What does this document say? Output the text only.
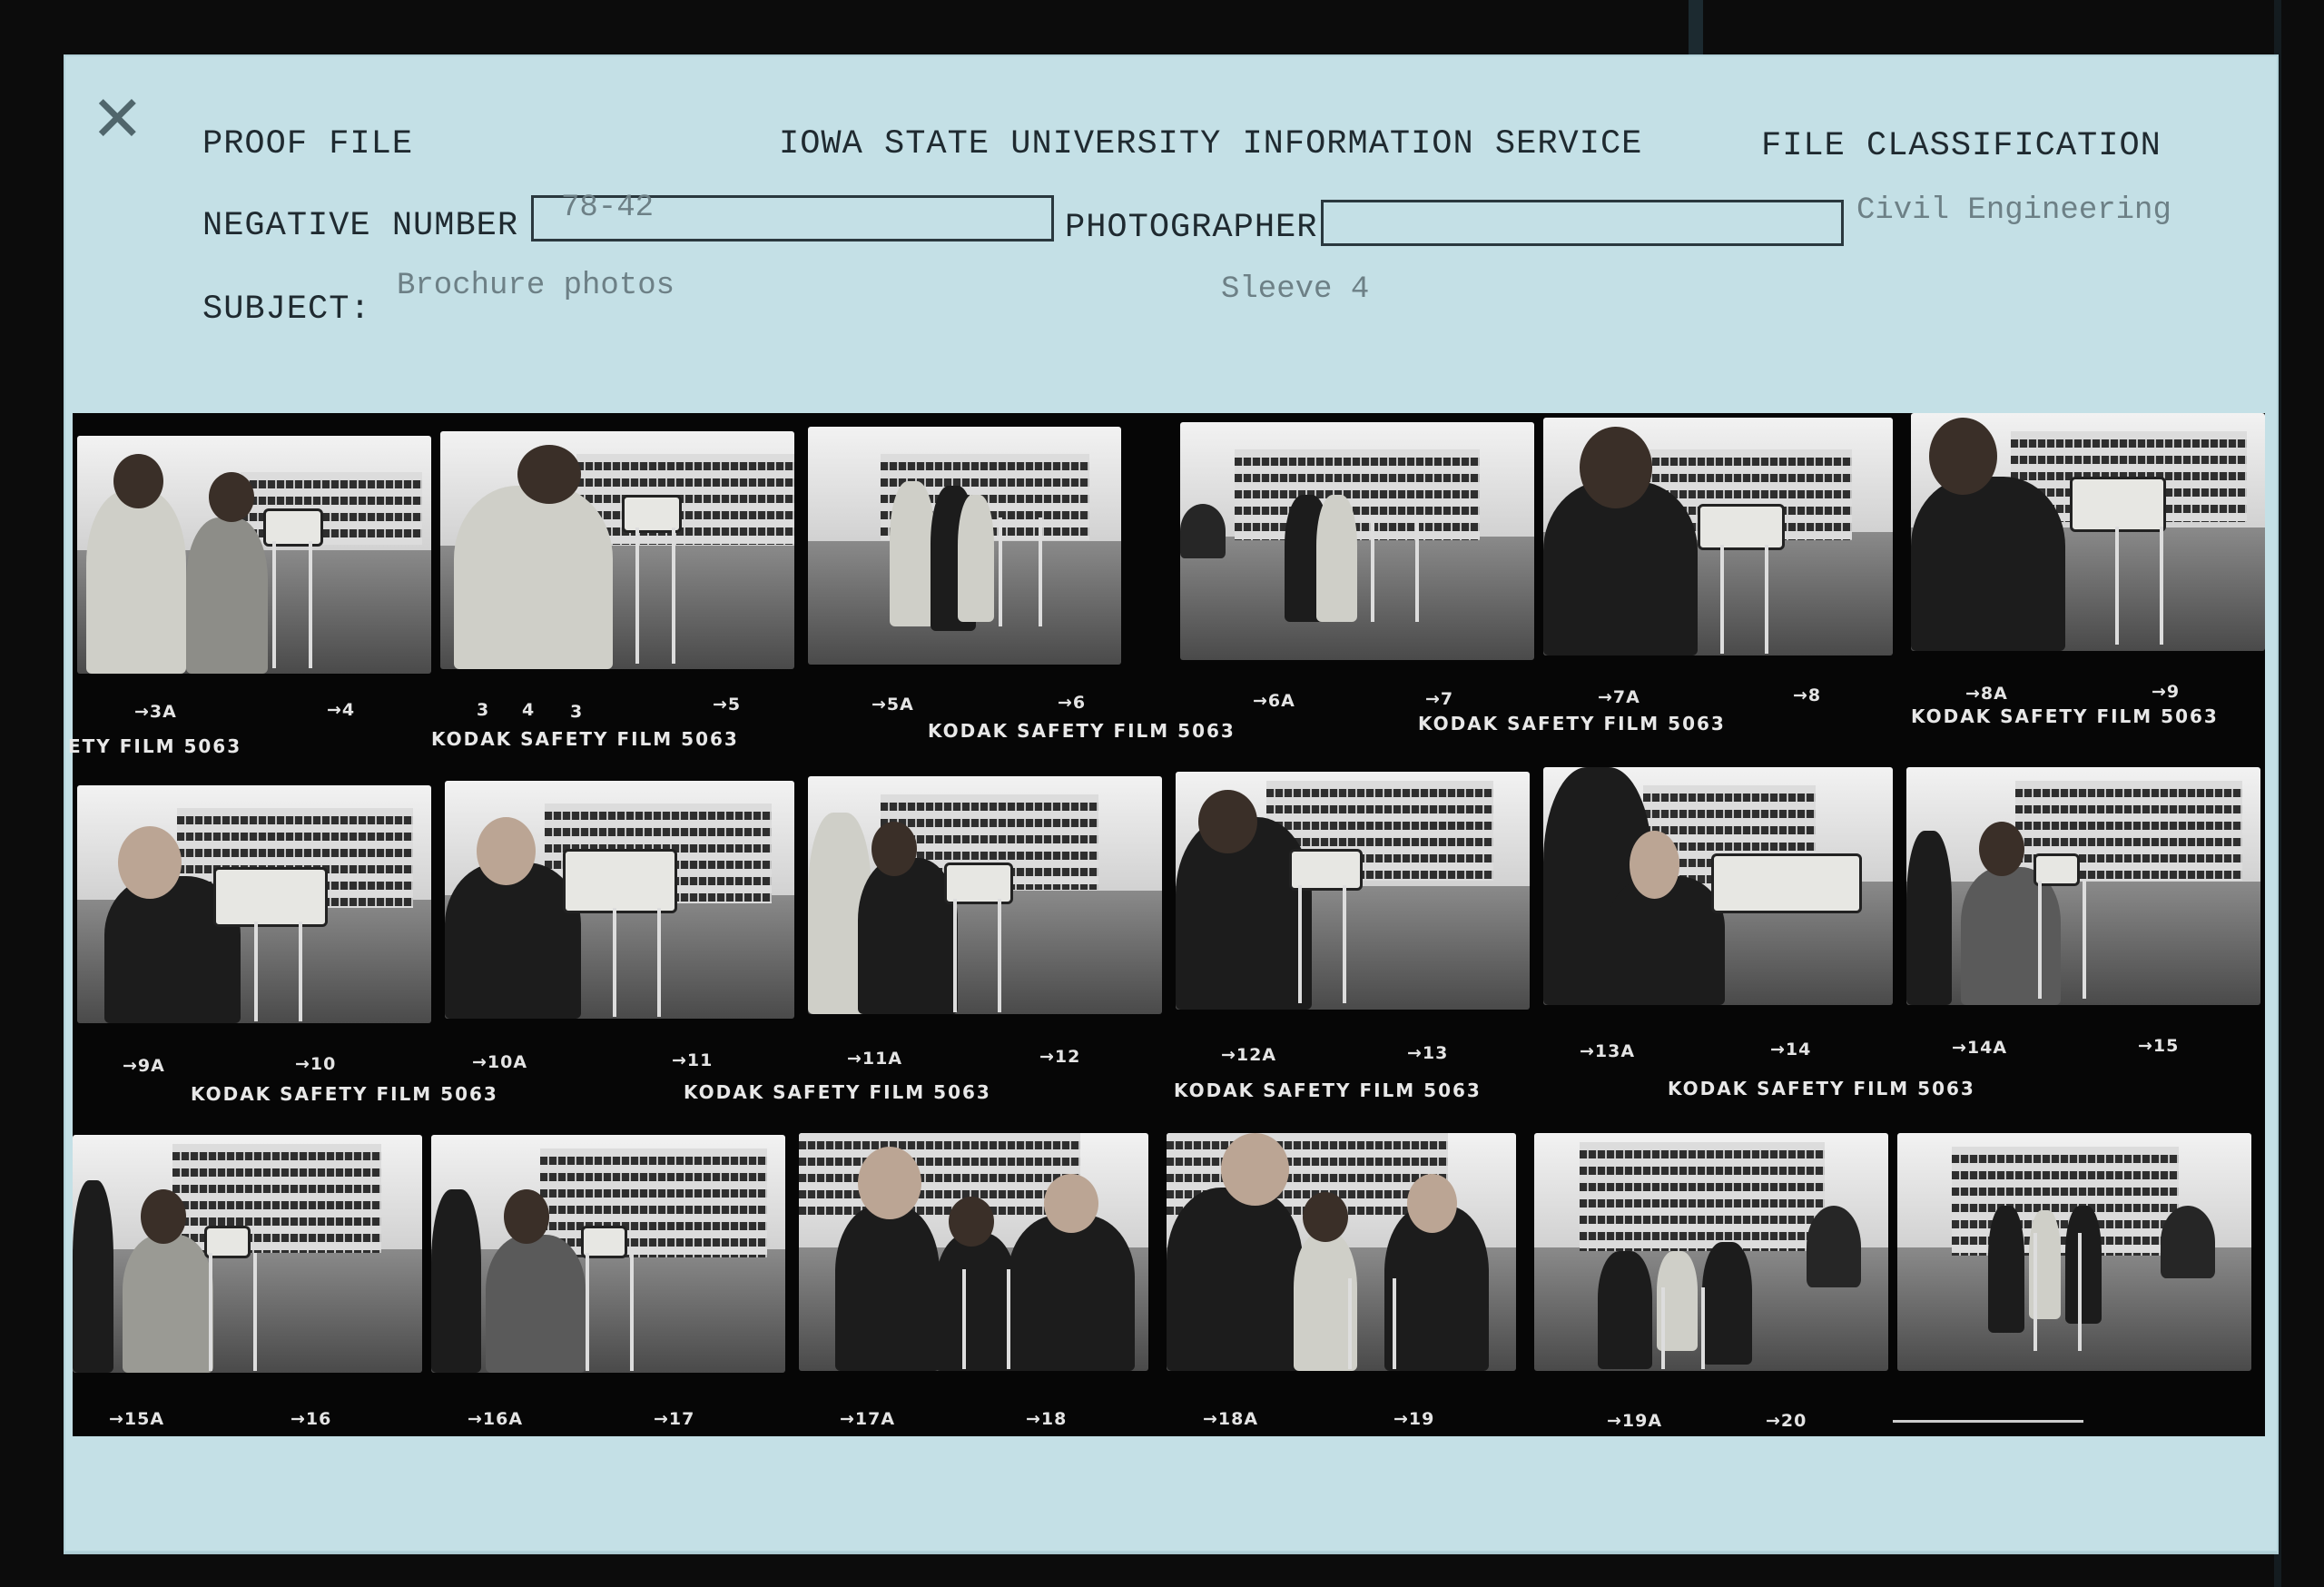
✕ PROOF FILE	IOWA STATE UNIVERSITY INFORMATION SERVICE	FILE CLASSIFICATION
NEGATIVE NUMBER 78-42
PHOTOGRAPHER	Civil Engineering
SUBJECT:
Brochure photos	Sleeve 4
→3A	→4	→5	→5A	→6	→6A	→7	→7A	→8	→8A	→9
3 4 3
ETY FILM 5063	KODAK SAFETY FILM 5063	KODAK SAFETY FILM 5063	KODAK SAFETY FILM 5063	KODAK SAFETY FILM 5063
→9A	→10	→10A	→11	→11A	→12	→12A	→13	→13A	→14	→14A	→15
KODAK SAFETY FILM 5063	KODAK SAFETY FILM 5063	KODAK SAFETY FILM 5063	KODAK SAFETY FILM 5063
→15A	→16	→16A	→17	→17A	→18	→18A	→19	→19A	→20
